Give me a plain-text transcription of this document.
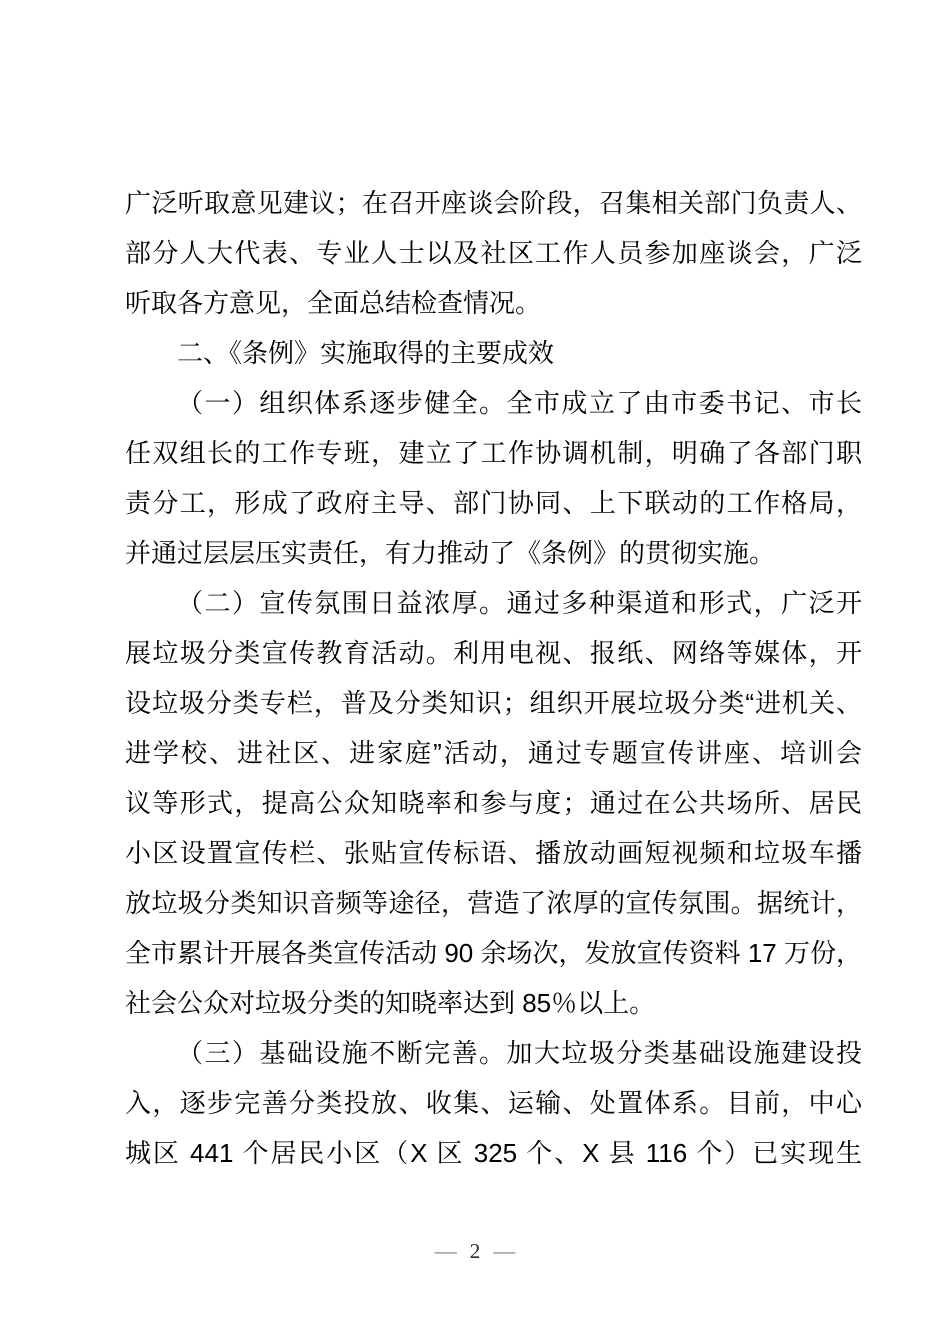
广泛听取意见建议；在召开座谈会阶段，召集相关部门负责人、
部分人大代表、专业人士以及社区工作人员参加座谈会，广泛
听取各方意见，全面总结检查情况。
二、《条例》实施取得的主要成效
（一）组织体系逐步健全。全市成立了由市委书记、市长
任双组长的工作专班，建立了工作协调机制，明确了各部门职
责分工，形成了政府主导、部门协同、上下联动的工作格局，
并通过层层压实责任，有力推动了《条例》的贯彻实施。
（二）宣传氛围日益浓厚。通过多种渠道和形式，广泛开
展垃圾分类宣传教育活动。利用电视、报纸、网络等媒体，开
设垃圾分类专栏，普及分类知识；组织开展垃圾分类“进机关、
进学校、进社区、进家庭”活动，通过专题宣传讲座、培训会
议等形式，提高公众知晓率和参与度；通过在公共场所、居民
小区设置宣传栏、张贴宣传标语、播放动画短视频和垃圾车播
放垃圾分类知识音频等途径，营造了浓厚的宣传氛围。据统计，
全市累计开展各类宣传活动 90 余场次，发放宣传资料 17 万份，
社会公众对垃圾分类的知晓率达到 85％以上。
（三）基础设施不断完善。加大垃圾分类基础设施建设投
入，逐步完善分类投放、收集、运输、处置体系。目前，中心
城区 441 个居民小区（X 区 325 个、X 县 116 个）已实现生
— 2 —
